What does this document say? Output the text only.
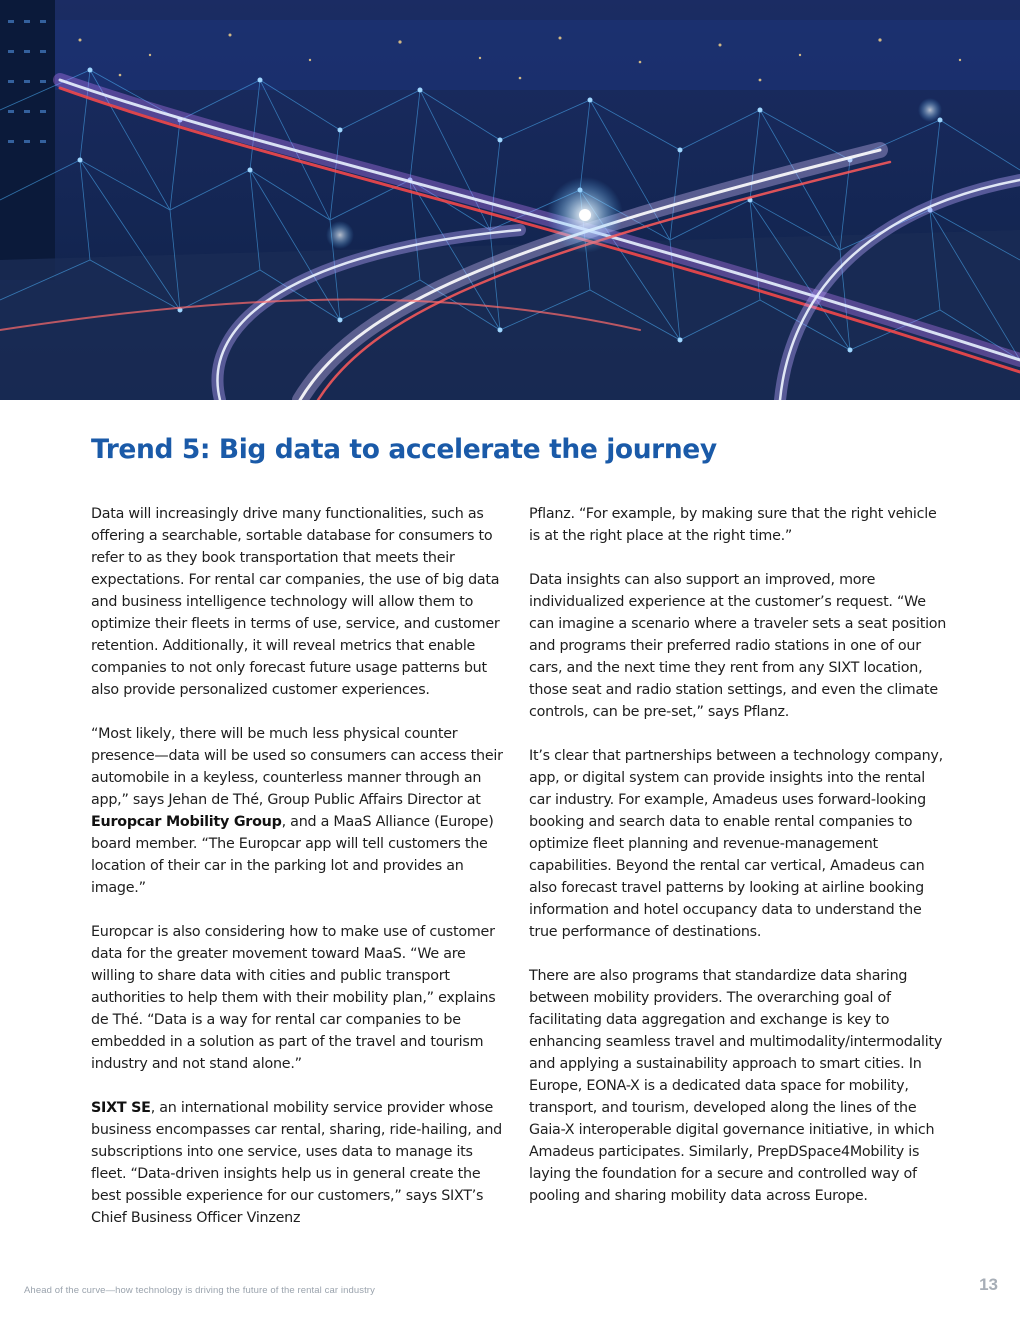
Trend 5: Big data to accelerate the journey

Data will increasingly drive many functionalities, such as offering a searchable, sortable database for consumers to refer to as they book transportation that meets their expectations. For rental car companies, the use of big data and business intelligence technology will allow them to optimize their fleets in terms of use, service, and customer retention. Additionally, it will reveal metrics that enable companies to not only forecast future usage patterns but also provide personalized customer experiences.

“Most likely, there will be much less physical counter presence—data will be used so consumers can access their automobile in a keyless, counterless manner through an app,” says Jehan de Thé, Group Public Affairs Director at Europcar Mobility Group, and a MaaS Alliance (Europe) board member. “The Europcar app will tell customers the location of their car in the parking lot and provides an image.”

Europcar is also considering how to make use of customer data for the greater movement toward MaaS. “We are willing to share data with cities and public transport authorities to help them with their mobility plan,” explains de Thé. “Data is a way for rental car companies to be embedded in a solution as part of the travel and tourism industry and not stand alone.”

SIXT SE, an international mobility service provider whose business encompasses car rental, sharing, ride-hailing, and subscriptions into one service, uses data to manage its fleet. “Data-driven insights help us in general create the best possible experience for our customers,” says SIXT’s Chief Business Officer Vinzenz

Pflanz. “For example, by making sure that the right vehicle is at the right place at the right time.”

Data insights can also support an improved, more individualized experience at the customer’s request. “We can imagine a scenario where a traveler sets a seat position and programs their preferred radio stations in one of our cars, and the next time they rent from any SIXT location, those seat and radio station settings, and even the climate controls, can be pre-set,” says Pflanz.

It’s clear that partnerships between a technology company, app, or digital system can provide insights into the rental car industry. For example, Amadeus uses forward-looking booking and search data to enable rental companies to optimize fleet planning and revenue-management capabilities. Beyond the rental car vertical, Amadeus can also forecast travel patterns by looking at airline booking information and hotel occupancy data to understand the true performance of destinations.

There are also programs that standardize data sharing between mobility providers. The overarching goal of facilitating data aggregation and exchange is key to enhancing seamless travel and multimodality/intermodality and applying a sustainability approach to smart cities. In Europe, EONA-X is a dedicated data space for mobility, transport, and tourism, developed along the lines of the Gaia-X interoperable digital governance initiative, in which Amadeus participates. Similarly, PrepDSpace4Mobility is laying the foundation for a secure and controlled way of pooling and sharing mobility data across Europe.

Ahead of the curve—how technology is driving the future of the rental car industry	13
